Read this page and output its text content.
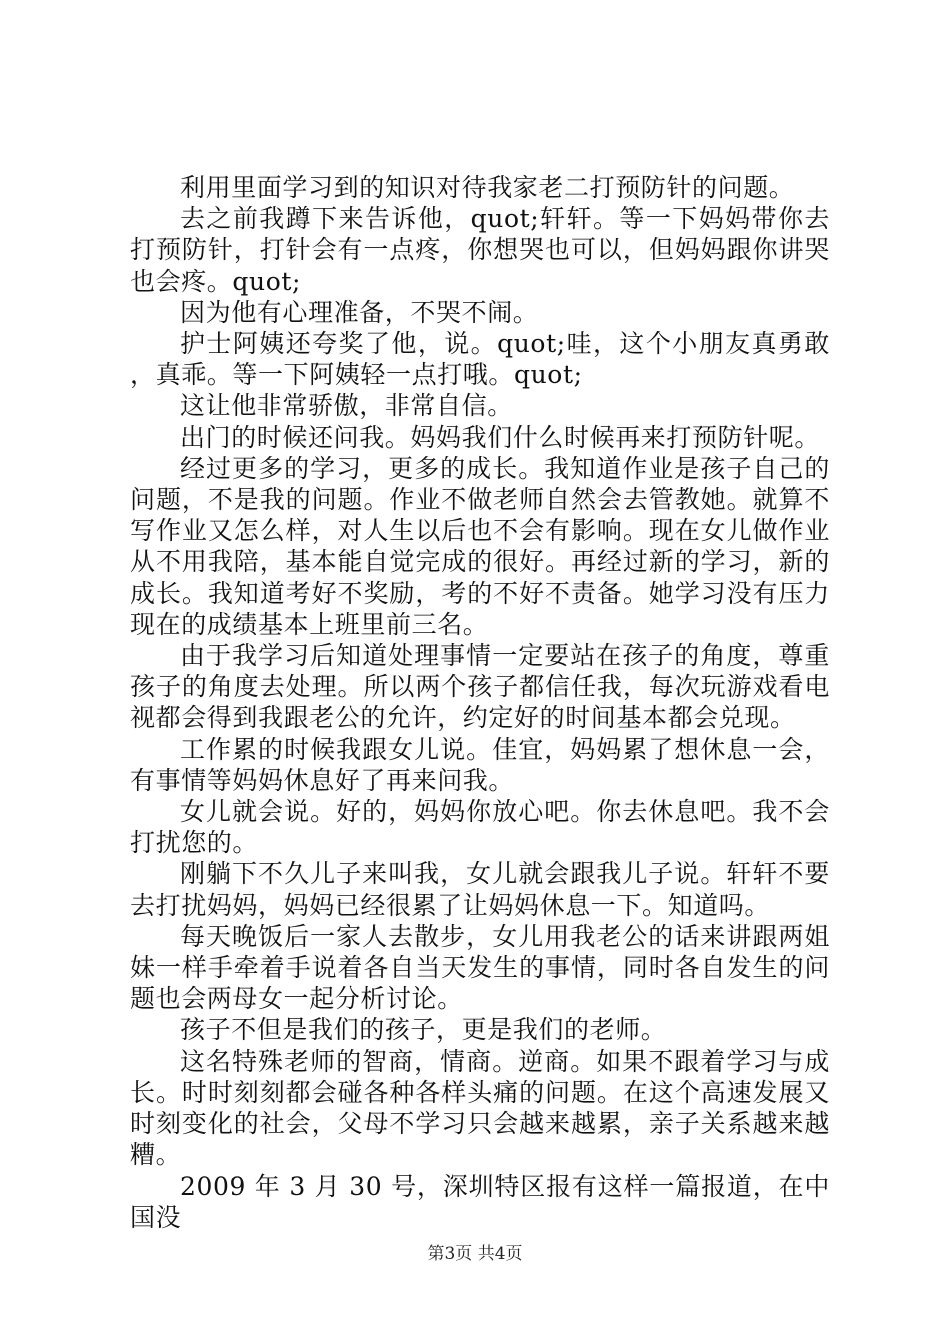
利用里面学习到的知识对待我家老二打预防针的问题。

去之前我蹲下来告诉他，quot;轩轩。等一下妈妈带你去打预防针，打针会有一点疼，你想哭也可以，但妈妈跟你讲哭也会疼。quot;

因为他有心理准备，不哭不闹。

护士阿姨还夸奖了他，说。quot;哇，这个小朋友真勇敢，真乖。等一下阿姨轻一点打哦。quot;

这让他非常骄傲，非常自信。

出门的时候还问我。妈妈我们什么时候再来打预防针呢。

经过更多的学习，更多的成长。我知道作业是孩子自己的问题，不是我的问题。作业不做老师自然会去管教她。就算不写作业又怎么样，对人生以后也不会有影响。现在女儿做作业从不用我陪，基本能自觉完成的很好。再经过新的学习，新的成长。我知道考好不奖励，考的不好不责备。她学习没有压力现在的成绩基本上班里前三名。

由于我学习后知道处理事情一定要站在孩子的角度，尊重孩子的角度去处理。所以两个孩子都信任我，每次玩游戏看电视都会得到我跟老公的允许，约定好的时间基本都会兑现。

工作累的时候我跟女儿说。佳宜，妈妈累了想休息一会，有事情等妈妈休息好了再来问我。

女儿就会说。好的，妈妈你放心吧。你去休息吧。我不会打扰您的。

刚躺下不久儿子来叫我，女儿就会跟我儿子说。轩轩不要去打扰妈妈，妈妈已经很累了让妈妈休息一下。知道吗。

每天晚饭后一家人去散步，女儿用我老公的话来讲跟两姐妹一样手牵着手说着各自当天发生的事情，同时各自发生的问题也会两母女一起分析讨论。

孩子不但是我们的孩子，更是我们的老师。

这名特殊老师的智商，情商。逆商。如果不跟着学习与成长。时时刻刻都会碰各种各样头痛的问题。在这个高速发展又时刻变化的社会，父母不学习只会越来越累，亲子关系越来越糟。

2009 年 3 月 30 号，深圳特区报有这样一篇报道，在中国没

第3页 共4页
